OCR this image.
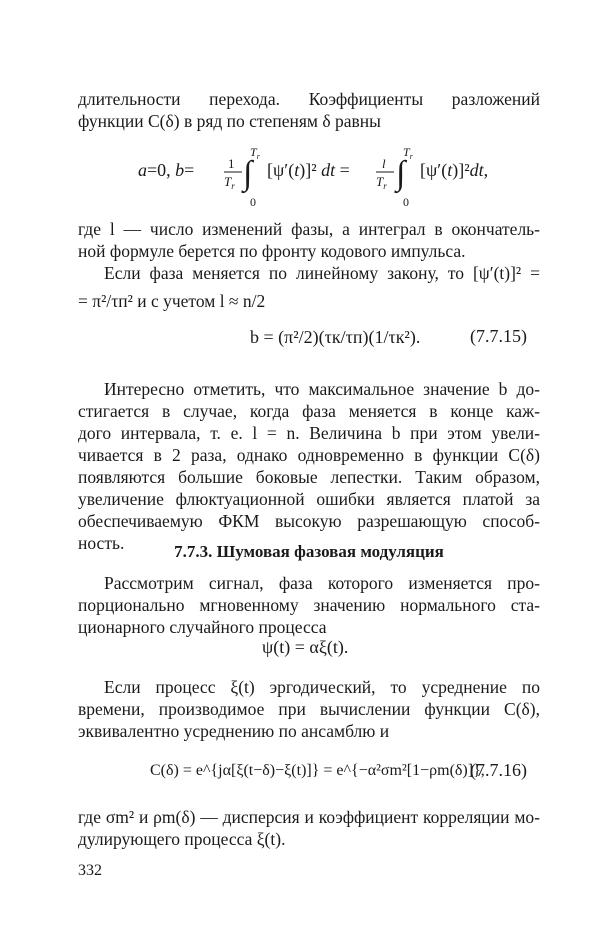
длительности перехода. Коэффициенты разложений
функции C(δ) в ряд по степеням δ равны
a=0, b=	1
$T_r$
$T_r$
∫
0
[ψ′(t)]² dt = l
$T_r$
$T_r$
∫
0
[ψ′(t)]²dt,
где l — число изменений фазы, а интеграл в окончатель-
ной формуле берется по фронту кодового импульса.
Если фаза меняется по линейному закону, то [ψ′(t)]² =
= π²/τп² и с учетом l ≈ n/2
b = (π²/2)(τк/τп)(1/τк²).	(7.7.15)
Интересно отметить, что максимальное значение b до-
стигается в случае, когда фаза меняется в конце каж-
дого интервала, т. е. l = n. Величина b при этом увели-
чивается в 2 раза, однако одновременно в функции C(δ)
появляются большие боковые лепестки. Таким образом,
увеличение флюктуационной ошибки является платой за
обеспечиваемую ФКМ высокую разрешающую способ-
ность.	7.7.3. Шумовая фазовая модуляция
Рассмотрим сигнал, фаза которого изменяется про-
порционально мгновенному значению нормального ста-
ционарного случайного процесса
ψ(t) = αξ(t).
Если процесс ξ(t) эргодический, то усреднение по
времени, производимое при вычислении функции C(δ),
эквивалентно усреднению по ансамблю и
C(δ) = e^{jα[ξ(t−δ)−ξ(t)]} = e^{−α²σm²[1−ρm(δ)]},
(7.7.16)
где σm² и ρm(δ) — дисперсия и коэффициент корреляции мо-
дулирующего процесса ξ(t).
332
